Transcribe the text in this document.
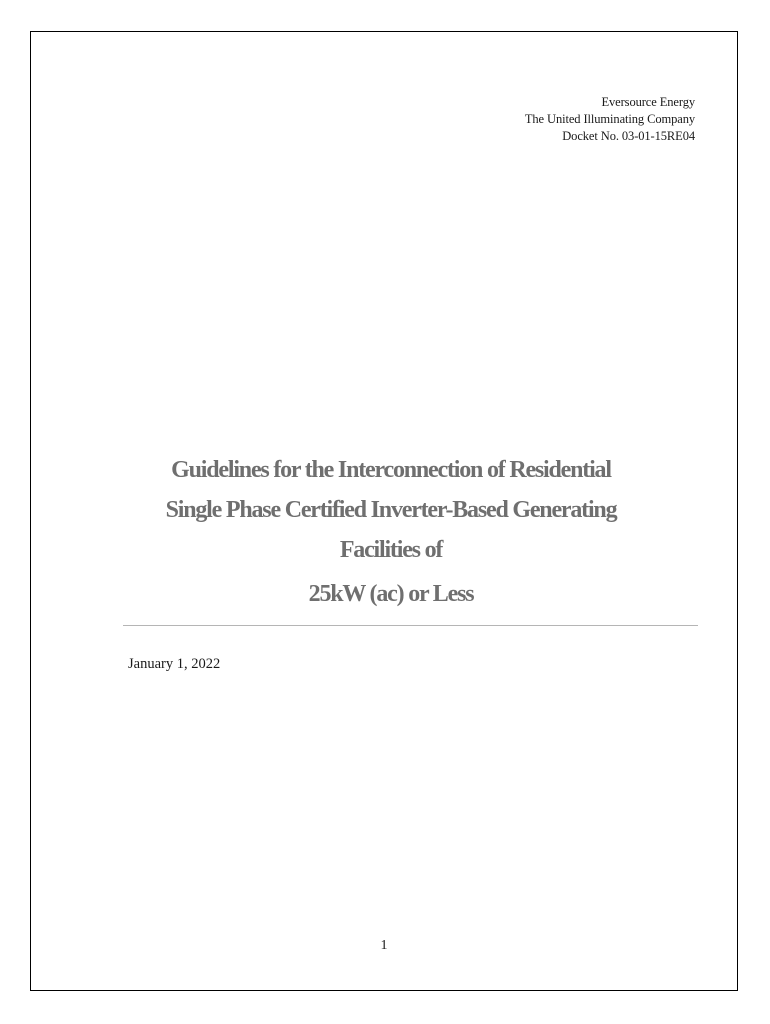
Eversource Energy
The United Illuminating Company
Docket No. 03-01-15RE04
Guidelines for the Interconnection of Residential
Single Phase Certified Inverter-Based Generating
Facilities of
25kW (ac) or Less
January 1, 2022
1
